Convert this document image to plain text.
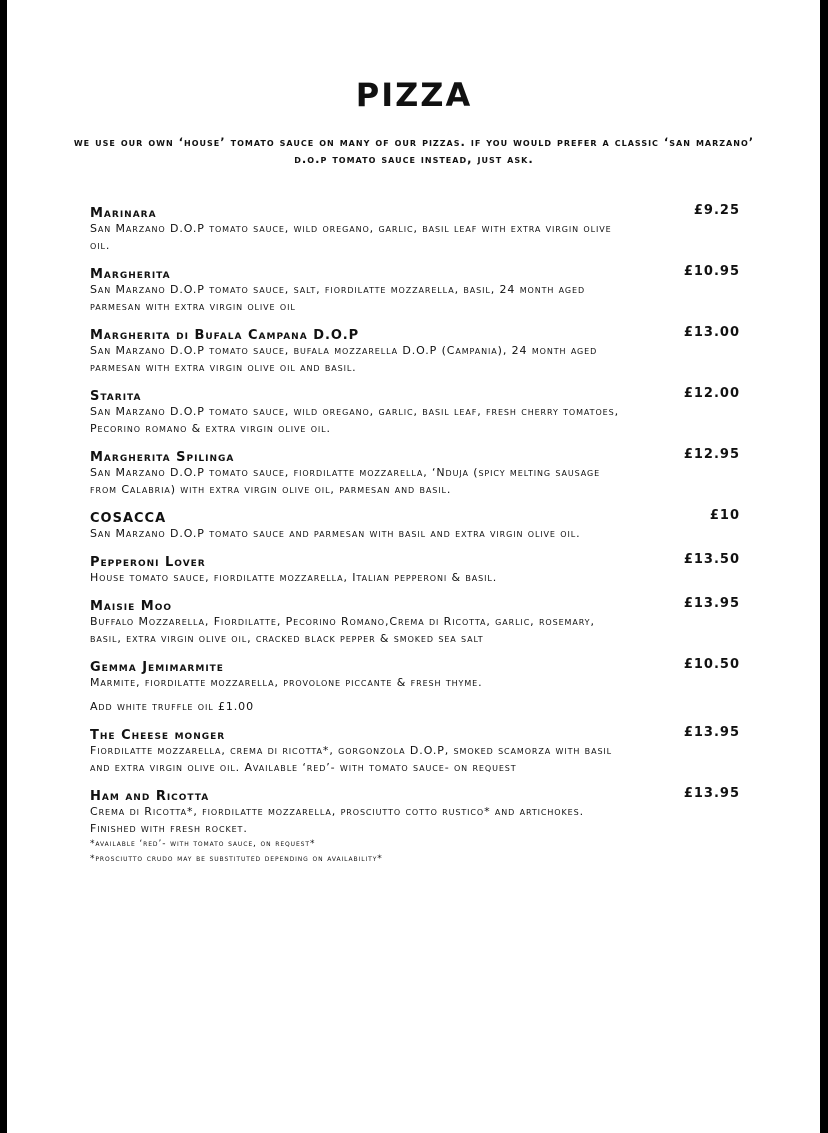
PIZZA
we use our own ‘house’ tomato sauce on many of our pizzas. if you would prefer a classic ‘san marzano’ d.o.p tomato sauce instead, just ask.
Marinara	£9.25
San Marzano D.O.P tomato sauce, wild oregano, garlic, basil leaf with extra virgin olive oil.
Margherita	£10.95
San Marzano D.O.P tomato sauce, salt, fiordilatte mozzarella, basil, 24 month aged parmesan with extra virgin olive oil
Margherita di Bufala Campana D.O.P	£13.00
San Marzano D.O.P tomato sauce, bufala mozzarella D.O.P (Campania), 24 month aged parmesan with extra virgin olive oil and basil.
Starita	£12.00
San Marzano D.O.P tomato sauce, wild oregano, garlic, basil leaf, fresh cherry tomatoes, Pecorino romano & extra virgin olive oil.
Margherita Spilinga	£12.95
San Marzano D.O.P tomato sauce, fiordilatte mozzarella, ‘Nduja (spicy melting sausage from Calabria) with extra virgin olive oil, parmesan and basil.
COSACCA	£10
San Marzano D.O.P tomato sauce and parmesan with basil and extra virgin olive oil.
Pepperoni Lover	£13.50
House tomato sauce, fiordilatte mozzarella, Italian pepperoni & basil.
Maisie Moo	£13.95
Buffalo Mozzarella, Fiordilatte, Pecorino Romano,Crema di Ricotta, garlic, rosemary, basil, extra virgin olive oil, cracked black pepper & smoked sea salt
Gemma Jemimarmite	£10.50
Marmite, fiordilatte mozzarella, provolone piccante & fresh thyme.
Add white truffle oil £1.00
The Cheese monger	£13.95
Fiordilatte mozzarella, crema di ricotta*, gorgonzola D.O.P, smoked scamorza with basil and extra virgin olive oil. Available ‘red’- with tomato sauce- on request
Ham and Ricotta	£13.95
Crema di Ricotta*, fiordilatte mozzarella, prosciutto cotto rustico* and artichokes. Finished with fresh rocket.
*available ‘red’- with tomato sauce, on request*
*prosciutto crudo may be substituted depending on availability*
